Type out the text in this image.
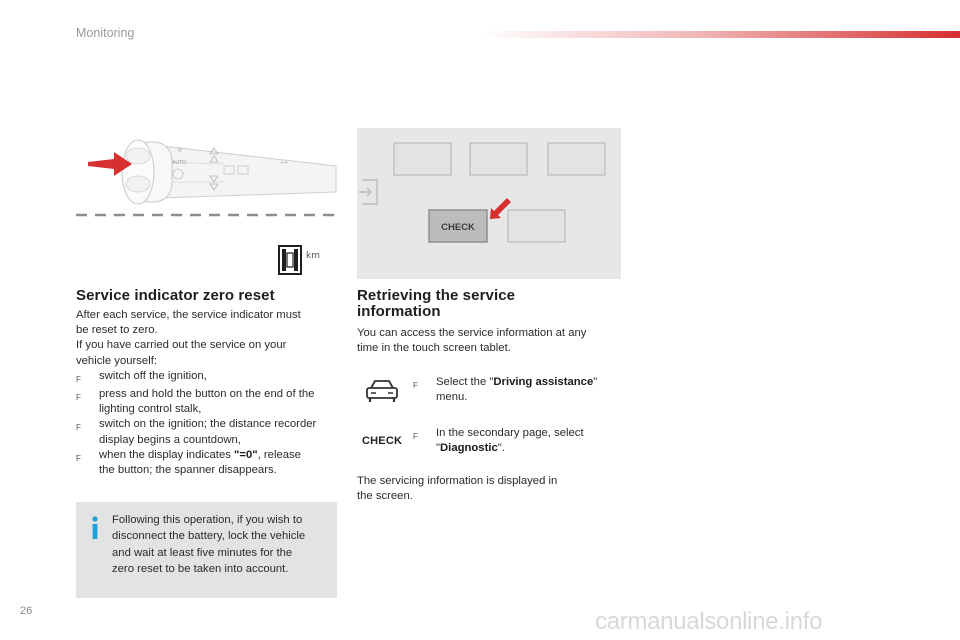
Monitoring
⊶
0
AUTO
km
CHECK
Service indicator zero reset
After each service, the service indicator must
be reset to zero.
If you have carried out the service on your
vehicle yourself:
F	switch off the ignition,
F	press and hold the button on the end of the
lighting control stalk,
F	switch on the ignition; the distance recorder
display begins a countdown,
F	when the display indicates "=0", release
the button; the spanner disappears.
Following this operation, if you wish to
disconnect the battery, lock the vehicle
and wait at least five minutes for the
zero reset to be taken into account.
Retrieving the service
information
You can access the service information at any
time in the touch screen tablet.
F	Select the "Driving assistance"
menu.
CHECK F	In the secondary page, select
"Diagnostic".
The servicing information is displayed in
the screen.
26	carmanualsonline.info
